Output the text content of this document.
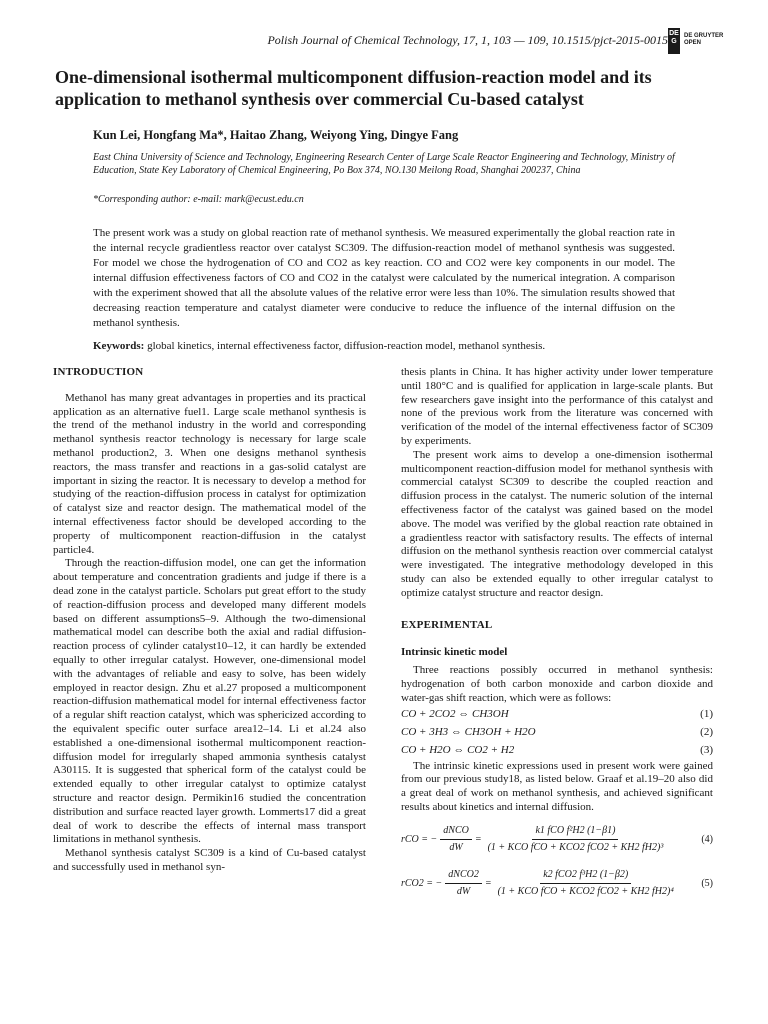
Polish Journal of Chemical Technology, 17, 1, 103 — 109, 10.1515/pjct-2015-0015 DE G
DE GRUYTER
OPEN
One-dimensional isothermal multicomponent diffusion-reaction model and its application to methanol synthesis over commercial Cu-based catalyst

Kun Lei, Hongfang Ma*, Haitao Zhang, Weiyong Ying, Dingye Fang

East China University of Science and Technology, Engineering Research Center of Large Scale Reactor Engineering and Technology, Ministry of Education, State Key Laboratory of Chemical Engineering, Po Box 374, NO.130 Meilong Road, Shanghai 200237, China

*Corresponding author: e-mail: mark@ecust.edu.cn

The present work was a study on global reaction rate of methanol synthesis. We measured experimentally the global reaction rate in the internal recycle gradientless reactor over catalyst SC309. The diffusion-reaction model of methanol synthesis was suggested. For model we chose the hydrogenation of CO and CO2 as key reaction. CO and CO2 were key components in our model. The internal diffusion effectiveness factors of CO and CO2 in the catalyst were calculated by the numerical integration. A comparison with the experiment showed that all the absolute values of the relative error were less than 10%. The simulation results showed that decreasing reaction temperature and catalyst diameter were conducive to reduce the influence of the internal diffusion on the methanol synthesis.

Keywords: global kinetics, internal effectiveness factor, diffusion-reaction model, methanol synthesis.

INTRODUCTION

Methanol has many great advantages in properties and its practical application as an alternative fuel1. Large scale methanol synthesis is the trend of the methanol industry in the world and corresponding methanol synthesis reactor technology is necessary for large scale methanol production2, 3. When one designs methanol synthesis reactors, the mass transfer and reactions in a gas-solid catalyst are important in sizing the reactor. It is necessary to develop a method for studying of the reaction-diffusion process in catalyst for optimization of catalyst size and reactor design. The mathematical model of the internal effectiveness factor should be developed according to the property of multicomponent reaction-diffusion in the catalyst particle4.

Through the reaction-diffusion model, one can get the information about temperature and concentration gradients and judge if there is a dead zone in the catalyst particle. Scholars put great effort to the study of reaction-diffusion process and developed many different models based on different assumptions5–9. Although the two-dimensional mathematical model can describe both the axial and radial diffusion-reaction process of cylinder catalyst10–12, it can hardly be extended equally to other irregular catalyst. However, one-dimensional model with the advantages of reliable and easy to solve, has been widely employed in reactor design. Zhu et al.27 proposed a multicomponent reaction-diffusion mathematical model for internal effectiveness factor of a regular shift reaction catalyst, which was sphericized according to the equivalent specific outer surface area12–14. Li et al.24 also established a one-dimensional isothermal multicomponent reaction-diffusion model for irregularly shaped ammonia synthesis catalyst A30115. It is suggested that spherical form of the catalyst could be extended equally to other irregular catalyst to optimize catalyst structure and reactor design. Permikin16 studied the concentration distribution and surface reacted layer growth. Lommerts17 did a great deal of work to describe the effects of internal mass transport limitations in methanol synthesis.

Methanol synthesis catalyst SC309 is a kind of Cu-based catalyst and successfully used in methanol syn-

thesis plants in China. It has higher activity under lower temperature until 180°C and is qualified for application in large-scale plants. But few researchers gave insight into the performance of this catalyst and none of the previous work from the literature was concerned with verification of the model of the internal effectiveness factor of SC309 by experiments.

The present work aims to develop a one-dimension isothermal multicomponent reaction-diffusion model for methanol synthesis with commercial catalyst SC309 to describe the coupled reaction and diffusion process in the catalyst. The numeric solution of the internal effectiveness factor of the catalyst was gained based on the model above. The model was verified by the global reaction rate obtained in a gradientless reactor with satisfactory results. The effects of internal diffusion on the methanol synthesis reaction over commercial catalyst were investigated. The integrative methodology developed in this study can also be extended equally to other irregular catalyst to optimize catalyst structure and reactor design.

EXPERIMENTAL
Intrinsic kinetic model

Three reactions possibly occurred in methanol synthesis: hydrogenation of both carbon monoxide and carbon dioxide and water-gas shift reaction, which were as follows:

CO + 2CO2 ⇔ CH3OH	(1)
CO + 3H3 ⇔ CH3OH + H2O	(2)
CO + H2O ⇔ CO2 + H2	(3)

The intrinsic kinetic expressions used in present work were gained from our previous study18, as listed below. Graaf et al.19–20 also did a great deal of work on methanol synthesis, and achieved significant results about kinetics and internal diffusion.

rCO = − $\frac{\text{dNCO}}{dW} = \frac{\text{k1 fCO f²H2 (1−β1)}}{\text{(1 + KCO fCO + KCO2 fCO2 + KH2 fH2)³}}$	(4)
rCO2 = − $\frac{\text{dNCO2}}{dW} = \frac{\text{k2 fCO2 f³H2 (1−β2)}}{\text{(1 + KCO fCO + KCO2 fCO2 + KH2 fH2)⁴}} (5)$
